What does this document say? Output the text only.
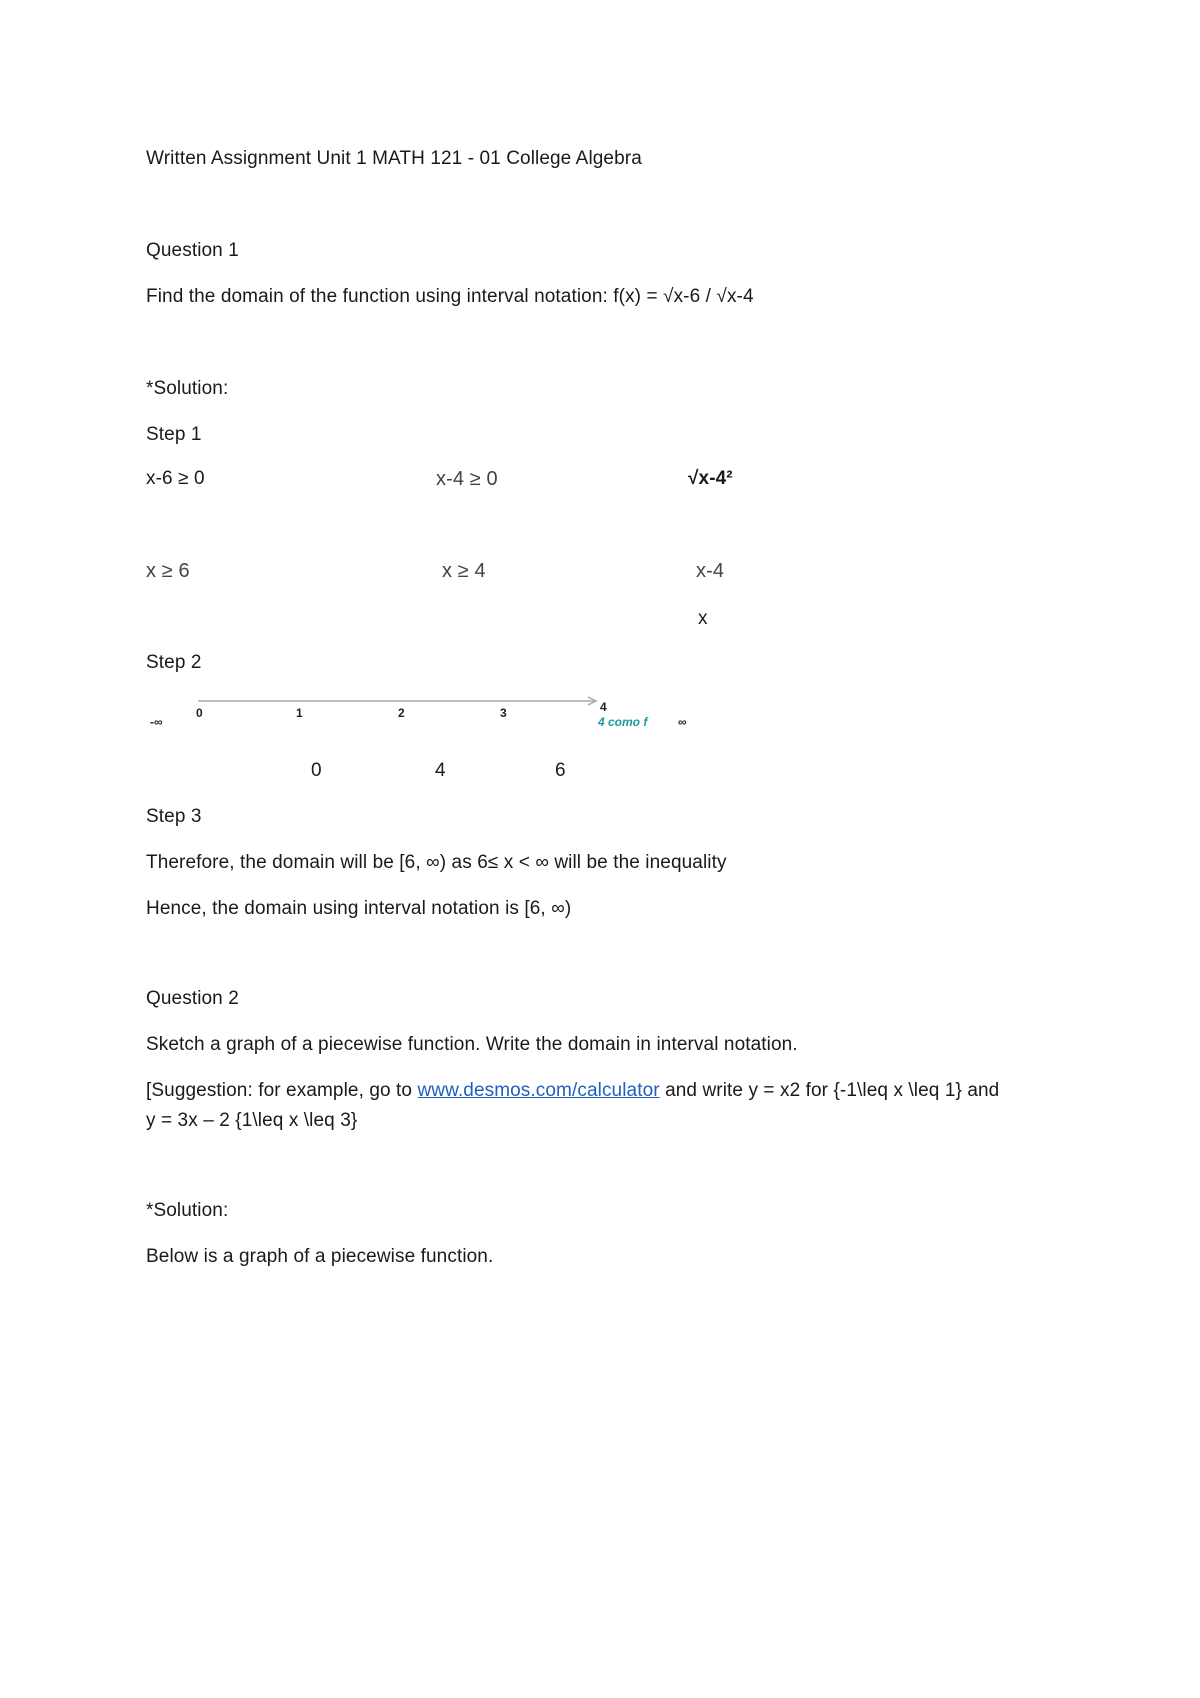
Written Assignment Unit 1 MATH 121 - 01 College Algebra
Question 1
Find the domain of the function using interval notation: f(x) = √x-6 / √x-4
*Solution:
Step 1
x-6 ≥ 0	x-4 ≥ 0	√x-4²
x ≥ 6	x ≥ 4	x-4
x
Step 2
-∞
0	1	2	3	4
4 como f	∞
0	4	6
Step 3
Therefore, the domain will be [6, ∞) as 6≤ x < ∞ will be the inequality
Hence, the domain using interval notation is [6, ∞)
Question 2
Sketch a graph of a piecewise function. Write the domain in interval notation.
[Suggestion: for example, go to www.desmos.com/calculator and write y = x2 for {-1\leq x \leq 1} and
y = 3x – 2 {1\leq x \leq 3}
*Solution:
Below is a graph of a piecewise function.
